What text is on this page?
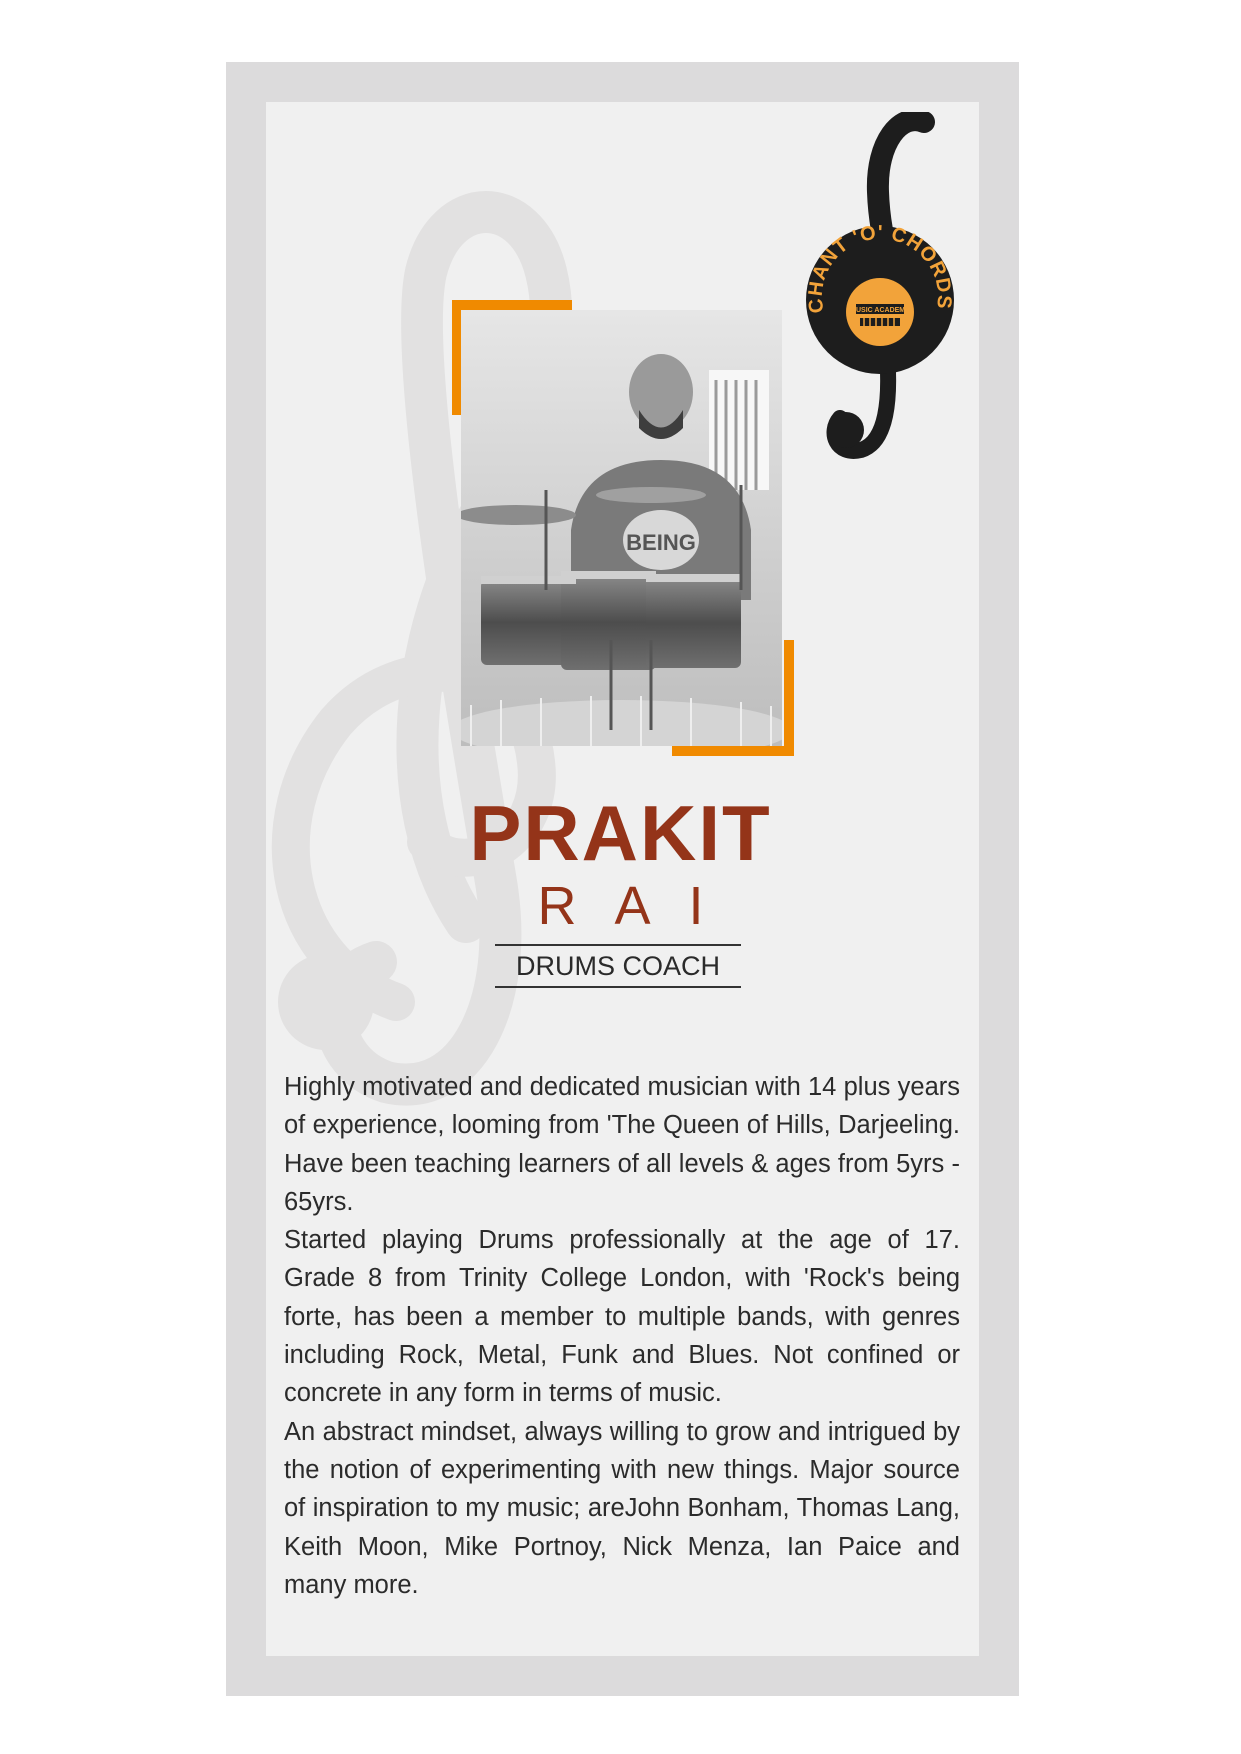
BEING
CHANT 'O' CHORDS
MUSIC ACADEMY
PRAKIT
RAI
DRUMS COACH

Highly motivated and dedicated musician with 14 plus years of experience, looming from 'The Queen of Hills, Darjeeling. Have been teaching learners of all levels & ages from 5yrs - 65yrs.

Started playing Drums professionally at the age of 17. Grade 8 from Trinity College London, with 'Rock's being forte, has been a member to multiple bands, with genres including Rock, Metal, Funk and Blues. Not confined or concrete in any form in terms of music.

An abstract mindset, always willing to grow and intrigued by the notion of experimenting with new things. Major source of inspiration to my music; areJohn Bonham, Thomas Lang, Keith Moon, Mike Portnoy, Nick Menza, Ian Paice and many more.
